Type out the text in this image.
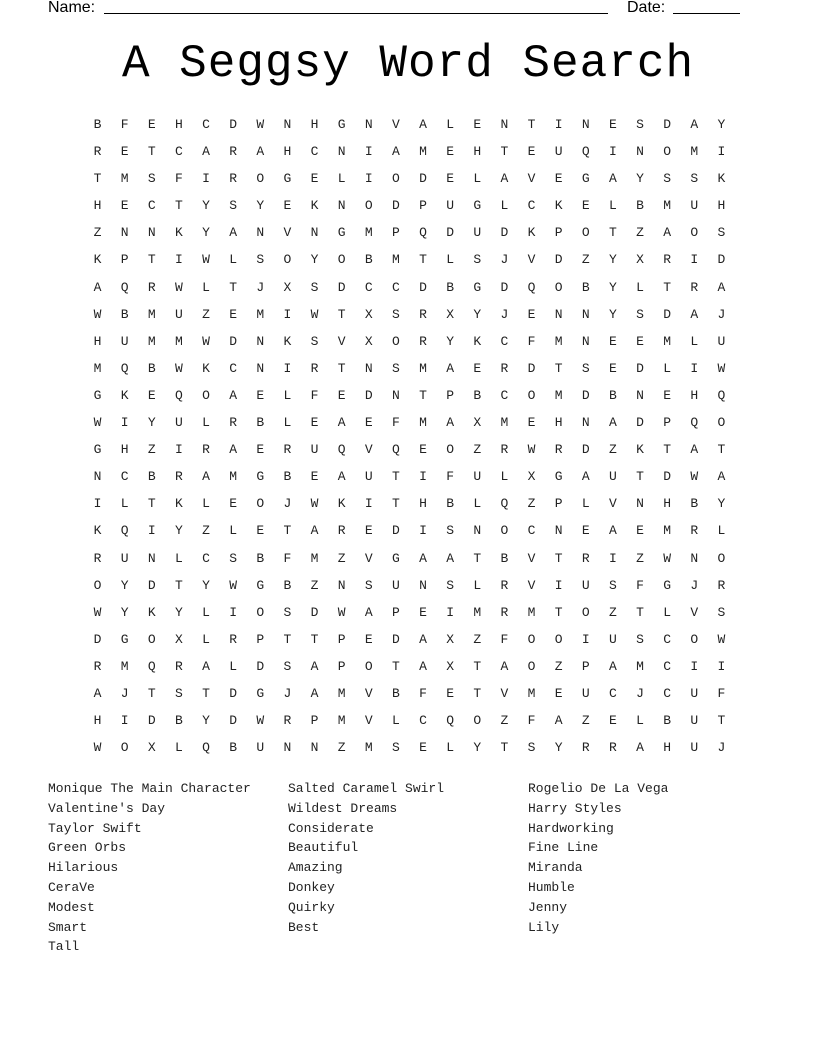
Name:	Date:
A Seggsy Word Search
B	F	E	H	C	D	W	N	H	G	N	V	A	L	E	N	T	I	N	E	S	D	A	Y
R	E	T	C	A	R	A	H	C	N	I	A	M	E	H	T	E	U	Q	I	N	O	M	I
T	M	S	F	I	R	O	G	E	L	I	O	D	E	L	A	V	E	G	A	Y	S	S	K
H	E	C	T	Y	S	Y	E	K	N	O	D	P	U	G	L	C	K	E	L	B	M	U	H
Z	N	N	K	Y	A	N	V	N	G	M	P	Q	D	U	D	K	P	O	T	Z	A	O	S
K	P	T	I	W	L	S	O	Y	O	B	M	T	L	S	J	V	D	Z	Y	X	R	I	D
A	Q	R	W	L	T	J	X	S	D	C	C	D	B	G	D	Q	O	B	Y	L	T	R	A
W	B	M	U	Z	E	M	I	W	T	X	S	R	X	Y	J	E	N	N	Y	S	D	A	J
H	U	M	M	W	D	N	K	S	V	X	O	R	Y	K	C	F	M	N	E	E	M	L	U
M	Q	B	W	K	C	N	I	R	T	N	S	M	A	E	R	D	T	S	E	D	L	I	W
G	K	E	Q	O	A	E	L	F	E	D	N	T	P	B	C	O	M	D	B	N	E	H	Q
W	I	Y	U	L	R	B	L	E	A	E	F	M	A	X	M	E	H	N	A	D	P	Q	O
G	H	Z	I	R	A	E	R	U	Q	V	Q	E	O	Z	R	W	R	D	Z	K	T	A	T
N	C	B	R	A	M	G	B	E	A	U	T	I	F	U	L	X	G	A	U	T	D	W	A
I	L	T	K	L	E	O	J	W	K	I	T	H	B	L	Q	Z	P	L	V	N	H	B	Y
K	Q	I	Y	Z	L	E	T	A	R	E	D	I	S	N	O	C	N	E	A	E	M	R	L
R	U	N	L	C	S	B	F	M	Z	V	G	A	A	T	B	V	T	R	I	Z	W	N	O
O	Y	D	T	Y	W	G	B	Z	N	S	U	N	S	L	R	V	I	U	S	F	G	J	R
W	Y	K	Y	L	I	O	S	D	W	A	P	E	I	M	R	M	T	O	Z	T	L	V	S
D	G	O	X	L	R	P	T	T	P	E	D	A	X	Z	F	O	O	I	U	S	C	O	W
R	M	Q	R	A	L	D	S	A	P	O	T	A	X	T	A	O	Z	P	A	M	C	I	I
A	J	T	S	T	D	G	J	A	M	V	B	F	E	T	V	M	E	U	C	J	C	U	F
H	I	D	B	Y	D	W	R	P	M	V	L	C	Q	O	Z	F	A	Z	E	L	B	U	T
W	O	X	L	Q	B	U	N	N	Z	M	S	E	L	Y	T	S	Y	R	R	A	H	U	J
Monique The Main Character
Valentine's Day
Taylor Swift
Green Orbs
Hilarious
CeraVe
Modest
Smart
Tall
Salted Caramel Swirl
Wildest Dreams
Considerate
Beautiful
Amazing
Donkey
Quirky
Best
Rogelio De La Vega
Harry Styles
Hardworking
Fine Line
Miranda
Humble
Jenny
Lily
